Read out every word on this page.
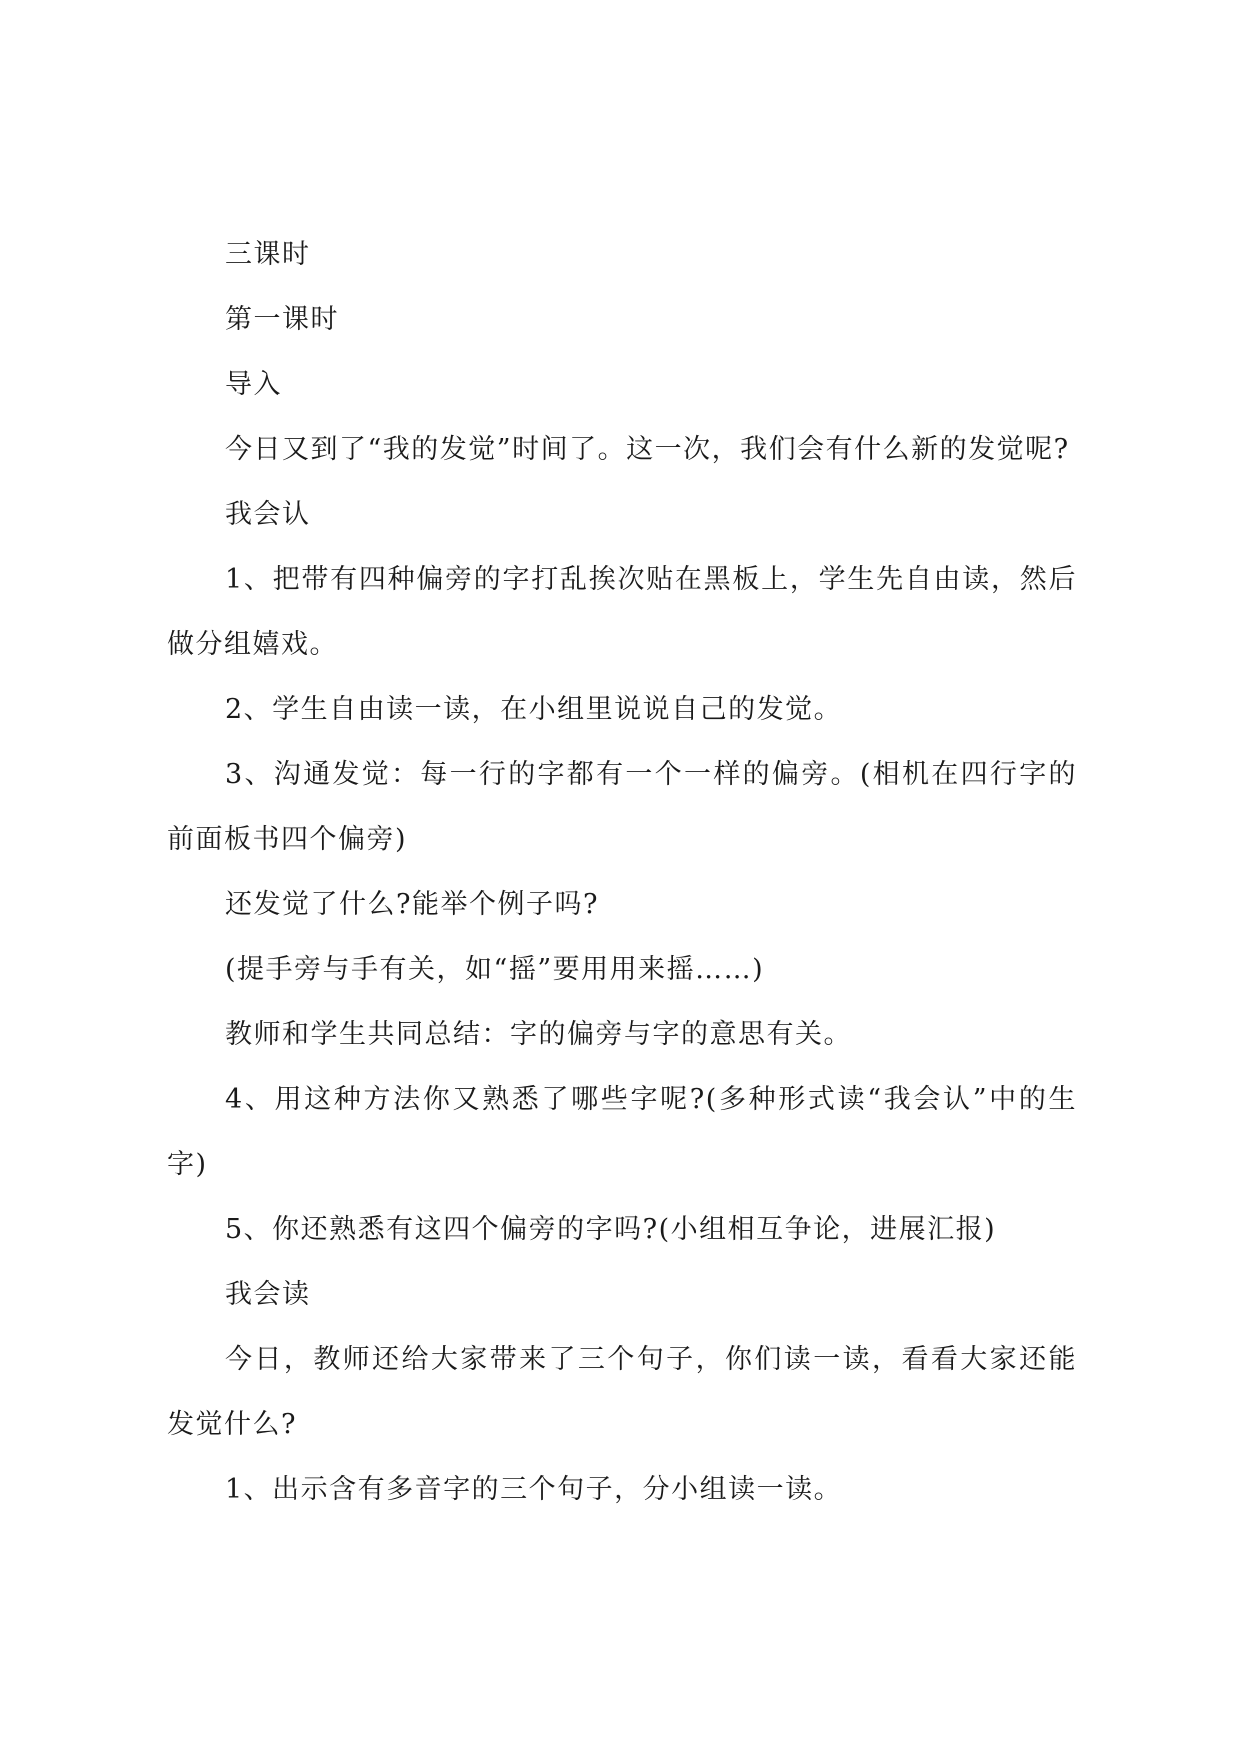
三课时

第一课时

导入

今日又到了“我的发觉”时间了。这一次，我们会有什么新的发觉呢?

我会认

1、把带有四种偏旁的字打乱挨次贴在黑板上，学生先自由读，然后做分组嬉戏。

2、学生自由读一读，在小组里说说自己的发觉。

3、沟通发觉：每一行的字都有一个一样的偏旁。(相机在四行字的前面板书四个偏旁)

还发觉了什么?能举个例子吗?

(提手旁与手有关，如“摇”要用用来摇……)

教师和学生共同总结：字的偏旁与字的意思有关。

4、用这种方法你又熟悉了哪些字呢?(多种形式读“我会认”中的生字)

5、你还熟悉有这四个偏旁的字吗?(小组相互争论，进展汇报)

我会读

今日，教师还给大家带来了三个句子，你们读一读，看看大家还能发觉什么?

1、出示含有多音字的三个句子，分小组读一读。
